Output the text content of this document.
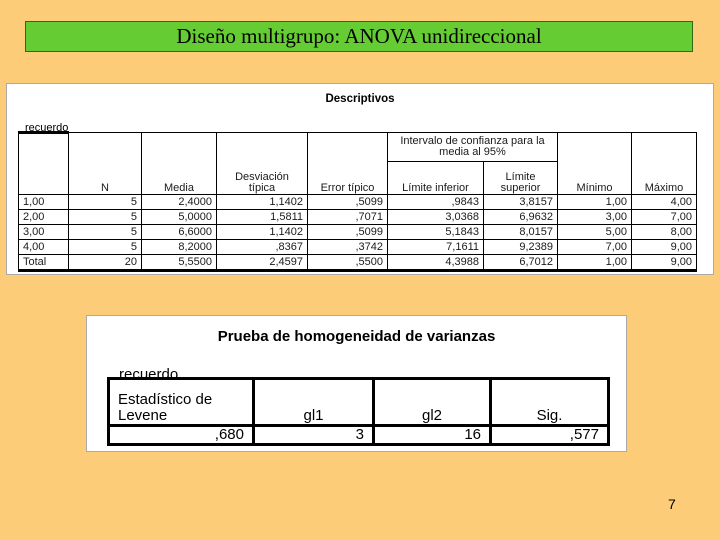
Diseño multigrupo: ANOVA unidireccional
Descriptivos
recuerdo
	N	Media	Desviación típica	Error típico	Intervalo de confianza para la media al 95%		Mínimo	Máximo
					Límite inferior	Límite superior		
1,00	5	2,4000	1,1402	,5099	,9843	3,8157	1,00	4,00
2,00	5	5,0000	1,5811	,7071	3,0368	6,9632	3,00	7,00
3,00	5	6,6000	1,1402	,5099	5,1843	8,0157	5,00	8,00
4,00	5	8,2000	,8367	,3742	7,1611	9,2389	7,00	9,00
Total	20	5,5500	2,4597	,5500	4,3988	6,7012	1,00	9,00
Prueba de homogeneidad de varianzas
recuerdo
Estadístico de Levene	gl1	gl2	Sig.
,680	3	16	,577
7
